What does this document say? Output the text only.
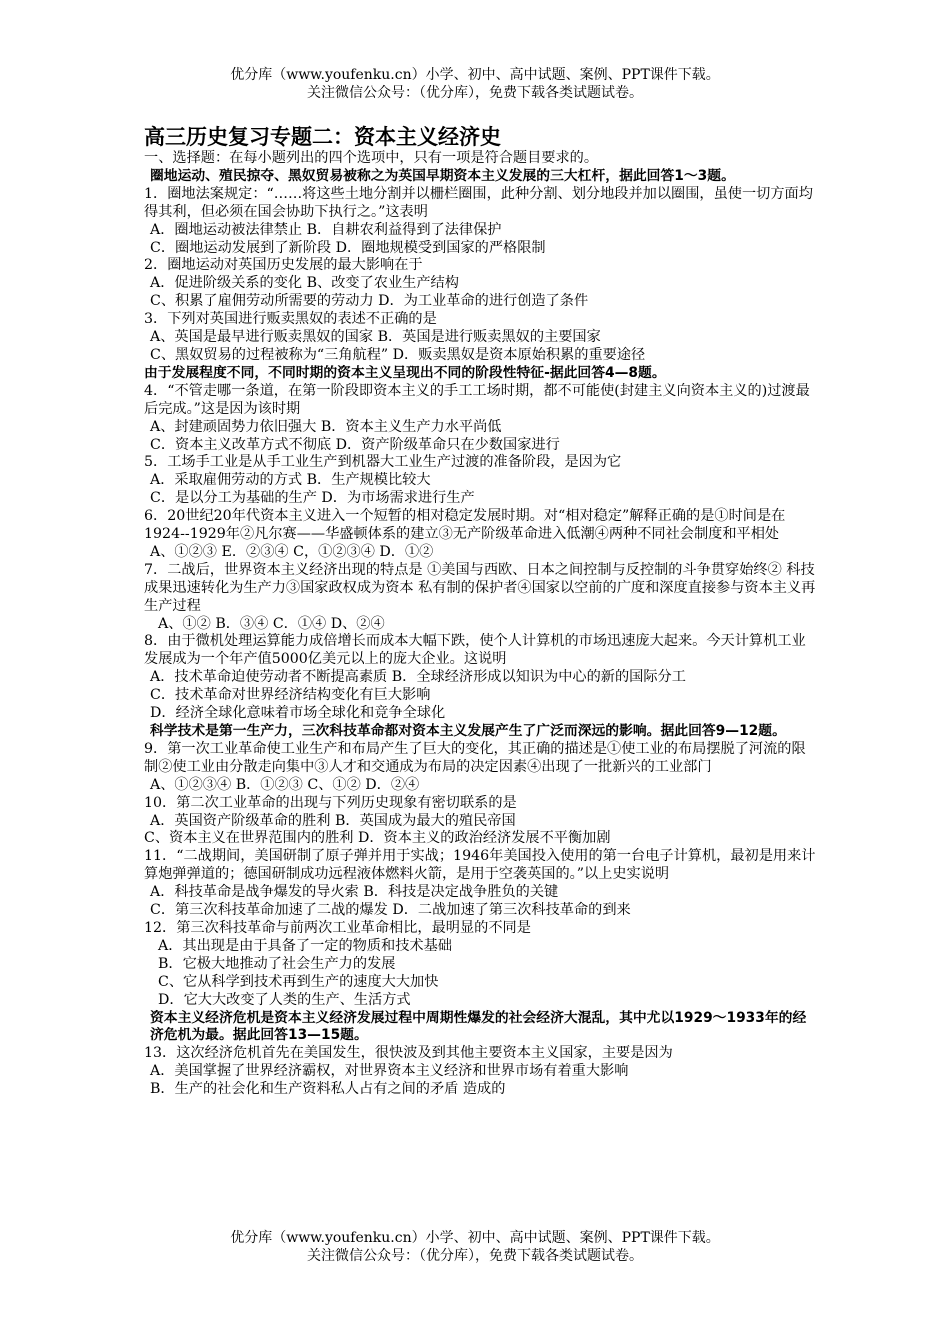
优分库（www.youfenku.cn）小学、初中、高中试题、案例、PPT课件下载。
关注微信公众号：（优分库），免费下载各类试题试卷。
高三历史复习专题二：资本主义经济史
一、选择题：在每小题列出的四个选项中，只有一项是符合题目要求的。
圈地运动、殖民掠夺、黑奴贸易被称之为英国早期资本主义发展的三大杠杆，据此回答1～3题。
1．圈地法案规定：“……将这些土地分割并以栅栏圈围，此种分割、划分地段并加以圈围，虽使一切方面均得其利，但必须在国会协助下执行之。”这表明
A．圈地运动被法律禁止 B．自耕农利益得到了法律保护
C．圈地运动发展到了新阶段 D．圈地规模受到国家的严格限制
2．圈地运动对英国历史发展的最大影响在于
A．促进阶级关系的变化 B、改变了农业生产结构
C、积累了雇佣劳动所需要的劳动力 D．为工业革命的进行创造了条件
3．下列对英国进行贩卖黑奴的表述不正确的是
A、英国是最早进行贩卖黑奴的国家 B．英国是进行贩卖黑奴的主要国家
C、黑奴贸易的过程被称为“三角航程” D．贩卖黑奴是资本原始积累的重要途径
由于发展程度不同，不同时期的资本主义呈现出不同的阶段性特征-据此回答4—8题。
4．“不管走哪一条道，在第一阶段即资本主义的手工工场时期，都不可能使(封建主义向资本主义的)过渡最后完成。”这是因为该时期
A、封建顽固势力依旧强大 B．资本主义生产力水平尚低
C．资本主义改革方式不彻底 D．资产阶级革命只在少数国家进行
5．工场手工业是从手工业生产到机器大工业生产过渡的准备阶段，是因为它
A．采取雇佣劳动的方式 B．生产规模比较大
C．是以分工为基础的生产 D．为市场需求进行生产
6．20世纪20年代资本主义进入一个短暂的相对稳定发展时期。对“相对稳定”解释正确的是①时间是在1924--1929年②凡尔赛——华盛顿体系的建立③无产阶级革命进入低潮④两种不同社会制度和平相处
A、①②③ E．②③④ C，①②③④ D．①②
7．二战后，世界资本主义经济出现的特点是 ①美国与西欧、日本之间控制与反控制的斗争贯穿始终② 科技成果迅速转化为生产力③国家政权成为资本 私有制的保护者④国家以空前的广度和深度直接参与资本主义再生产过程
A、①② B．③④ C．①④ D、②④
8．由于微机处理运算能力成倍增长而成本大幅下跌，使个人计算机的市场迅速庞大起来。今天计算机工业发展成为一个年产值5000亿美元以上的庞大企业。这说明
A．技术革命迫使劳动者不断提高素质 B．全球经济形成以知识为中心的新的国际分工
C．技术革命对世界经济结构变化有巨大影响
D．经济全球化意味着市场全球化和竞争全球化
科学技术是第一生产力，三次科技革命都对资本主义发展产生了广泛而深远的影响。据此回答9—12题。
9．第一次工业革命使工业生产和布局产生了巨大的变化，其正确的描述是①使工业的布局摆脱了河流的限制②使工业由分散走向集中③人才和交通成为布局的决定因素④出现了一批新兴的工业部门
A、①②③④ B．①②③ C、①② D．②④
10．第二次工业革命的出现与下列历史现象有密切联系的是
A．英国资产阶级革命的胜利 B．英国成为最大的殖民帝国
C、资本主义在世界范围内的胜利 D．资本主义的政治经济发展不平衡加剧
11．“二战期间，美国研制了原子弹并用于实战；1946年美国投入使用的第一台电子计算机，最初是用来计算炮弹弹道的；德国研制成功远程液体燃料火箭，是用于空袭英国的。”以上史实说明
A．科技革命是战争爆发的导火索 B．科技是决定战争胜负的关键
C．第三次科技革命加速了二战的爆发 D．二战加速了第三次科技革命的到来
12．第三次科技革命与前两次工业革命相比，最明显的不同是
A．其出现是由于具备了一定的物质和技术基础
B．它极大地推动了社会生产力的发展
C、它从科学到技术再到生产的速度大大加快
D．它大大改变了人类的生产、生活方式
资本主义经济危机是资本主义经济发展过程中周期性爆发的社会经济大混乱，其中尤以1929～1933年的经济危机为最。据此回答13—15题。
13．这次经济危机首先在美国发生，很快波及到其他主要资本主义国家，主要是因为
A．美国掌握了世界经济霸权，对世界资本主义经济和世界市场有着重大影响
B．生产的社会化和生产资料私人占有之间的矛盾 造成的
优分库（www.youfenku.cn）小学、初中、高中试题、案例、PPT课件下载。
关注微信公众号：（优分库），免费下载各类试题试卷。
